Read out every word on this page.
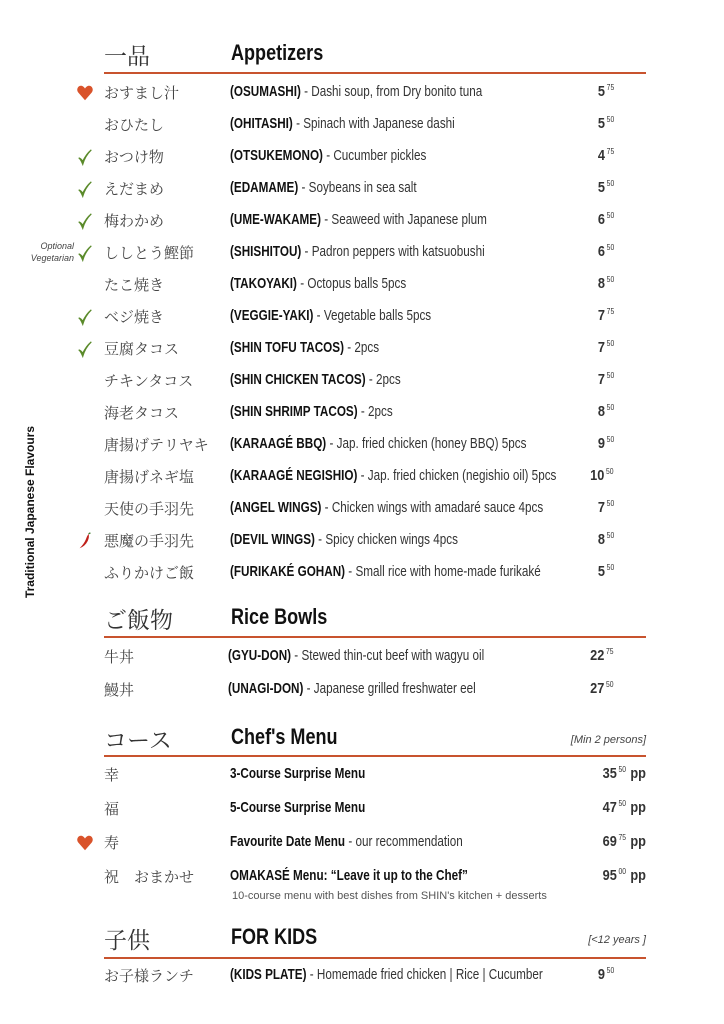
Traditional Japanese Flavours
Optional
Vegetarian
一品	Appetizers
おすまし汁	(OSUMASHI) - Dashi soup, from Dry bonito tuna	5 $^{75}$
おひたし	(OHITASHI) - Spinach with Japanese dashi	5 $^{50}$
おつけ物	(OTSUKEMONO) - Cucumber pickles	4 $^{75}$
えだまめ	(EDAMAME) - Soybeans in sea salt	5 $^{50}$
梅わかめ	(UME-WAKAME) - Seaweed with Japanese plum	6 $^{50}$
ししとう鰹節 (SHISHITOU) - Padron peppers with katsuobushi	6 $^{50}$
たこ焼き	(TAKOYAKI) - Octopus balls 5pcs	8 $^{50}$
ベジ焼き	(VEGGIE-YAKI) - Vegetable balls 5pcs	7 $^{75}$
豆腐タコス	(SHIN TOFU TACOS) - 2pcs	7 $^{50}$
チキンタコス (SHIN CHICKEN TACOS) - 2pcs	7 $^{50}$
海老タコス	(SHIN SHRIMP TACOS) - 2pcs	8 $^{50}$
唐揚げテリヤキ (KARAAGÉ BBQ) - Jap. fried chicken (honey BBQ) 5pcs	9 $^{50}$
唐揚げネギ塩 (KARAAGÉ NEGISHIO) - Jap. fried chicken (negishio oil) 5pcs 10 $^{50}$
天使の手羽先 (ANGEL WINGS) - Chicken wings with amadaré sauce 4pcs	7 $^{50}$
悪魔の手羽先 (DEVIL WINGS) - Spicy chicken wings 4pcs	8 $^{50}$
ふりかけご飯 (FURIKAKÉ GOHAN) - Small rice with home-made furikaké	5 $^{50}$
ご飯物	Rice Bowls
牛丼	(GYU-DON) - Stewed thin-cut beef with wagyu oil	22 $^{75}$
鰻丼	(UNAGI-DON) - Japanese grilled freshwater eel	27 $^{50}$
コース	Chef's Menu	[Min 2 persons]
幸	3-Course Surprise Menu	35 $^{50}$ pp
福	5-Course Surprise Menu	47 $^{50}$ pp
寿	Favourite Date Menu - our recommendation	69 $^{75}$ pp
祝　おまかせ OMAKASÉ Menu: “Leave it up to the Chef”	95 $^{00}$ pp
10-course menu with best dishes from SHIN's kitchen + desserts
子供	FOR KIDS	[<12 years ]
お子様ランチ (KIDS PLATE) - Homemade fried chicken | Rice | Cucumber	9 $^{50}$
